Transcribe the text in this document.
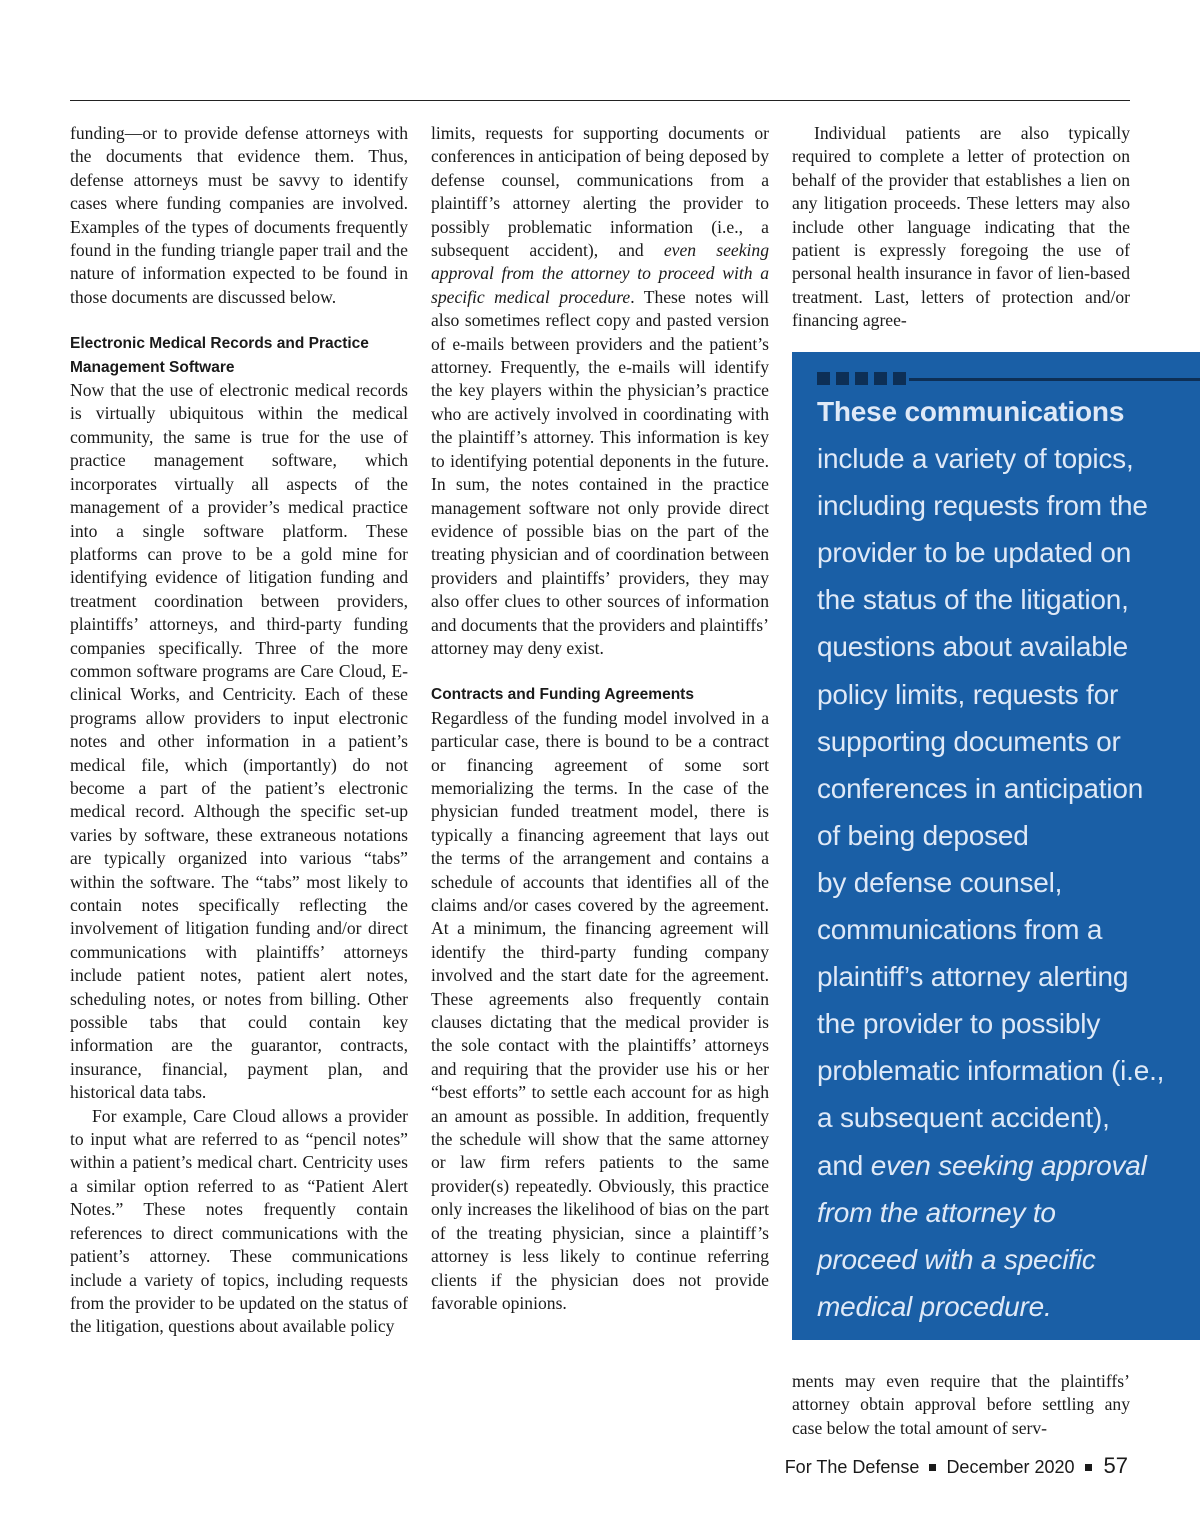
funding—or to provide defense attorneys with the documents that evidence them. Thus, defense attorneys must be savvy to identify cases where funding companies are involved. Examples of the types of documents frequently found in the funding triangle paper trail and the nature of information expected to be found in those documents are discussed below.

Electronic Medical Records and Practice Management Software

Now that the use of electronic medical records is virtually ubiquitous within the medical community, the same is true for the use of practice management software, which incorporates virtually all aspects of the management of a provider’s medical practice into a single software platform. These platforms can prove to be a gold mine for identifying evidence of litigation funding and treatment coordination between providers, plaintiffs’ attorneys, and third-party funding companies specifically. Three of the more common software programs are Care Cloud, E-clinical Works, and Centricity. Each of these programs allow providers to input electronic notes and other information in a patient’s medical file, which (importantly) do not become a part of the patient’s electronic medical record. Although the specific set-up varies by software, these extraneous notations are typically organized into various “tabs” within the software. The “tabs” most likely to contain notes specifically reflecting the involvement of litigation funding and/or direct communications with plaintiffs’ attorneys include patient notes, patient alert notes, scheduling notes, or notes from billing. Other possible tabs that could contain key information are the guarantor, contracts, insurance, financial, payment plan, and historical data tabs.

For example, Care Cloud allows a provider to input what are referred to as “pencil notes” within a patient’s medical chart. Centricity uses a similar option referred to as “Patient Alert Notes.” These notes frequently contain references to direct communications with the patient’s attorney. These communications include a variety of topics, including requests from the provider to be updated on the status of the litigation, questions about available policy

limits, requests for supporting documents or conferences in anticipation of being deposed by defense counsel, communications from a plaintiff’s attorney alerting the provider to possibly problematic information (i.e., a subsequent accident), and even seeking approval from the attorney to proceed with a specific medical procedure. These notes will also sometimes reflect copy and pasted version of e-mails between providers and the patient’s attorney. Frequently, the e-mails will identify the key players within the physician’s practice who are actively involved in coordinating with the plaintiff’s attorney. This information is key to identifying potential deponents in the future. In sum, the notes contained in the practice management software not only provide direct evidence of possible bias on the part of the treating physician and of coordination between providers and plaintiffs’ providers, they may also offer clues to other sources of information and documents that the providers and plaintiffs’ attorney may deny exist.

Contracts and Funding Agreements

Regardless of the funding model involved in a particular case, there is bound to be a contract or financing agreement of some sort memorializing the terms. In the case of the physician funded treatment model, there is typically a financing agreement that lays out the terms of the arrangement and contains a schedule of accounts that identifies all of the claims and/or cases covered by the agreement. At a minimum, the financing agreement will identify the third-party funding company involved and the start date for the agreement. These agreements also frequently contain clauses dictating that the medical provider is the sole contact with the plaintiffs’ attorneys and requiring that the provider use his or her “best efforts” to settle each account for as high an amount as possible. In addition, frequently the schedule will show that the same attorney or law firm refers patients to the same provider(s) repeatedly. Obviously, this practice only increases the likelihood of bias on the part of the treating physician, since a plaintiff’s attorney is less likely to continue referring clients if the physician does not provide favorable opinions.

Individual patients are also typically required to complete a letter of protection on behalf of the provider that establishes a lien on any litigation proceeds. These letters may also include other language indicating that the patient is expressly foregoing the use of personal health insurance in favor of lien-based treatment. Last, letters of protection and/or financing agree-

These communications
include a variety of topics,
including requests from the
provider to be updated on
the status of the litigation,
questions about available
policy limits, requests for
supporting documents or
conferences in anticipation
of being deposed
by defense counsel,
communications from a
plaintiff’s attorney alerting
the provider to possibly
problematic information (i.e.,
a subsequent accident),
and even seeking approval
from the attorney to
proceed with a specific
medical procedure.

ments may even require that the plaintiffs’ attorney obtain approval before settling any case below the total amount of serv-

For The Defense December 2020 57
